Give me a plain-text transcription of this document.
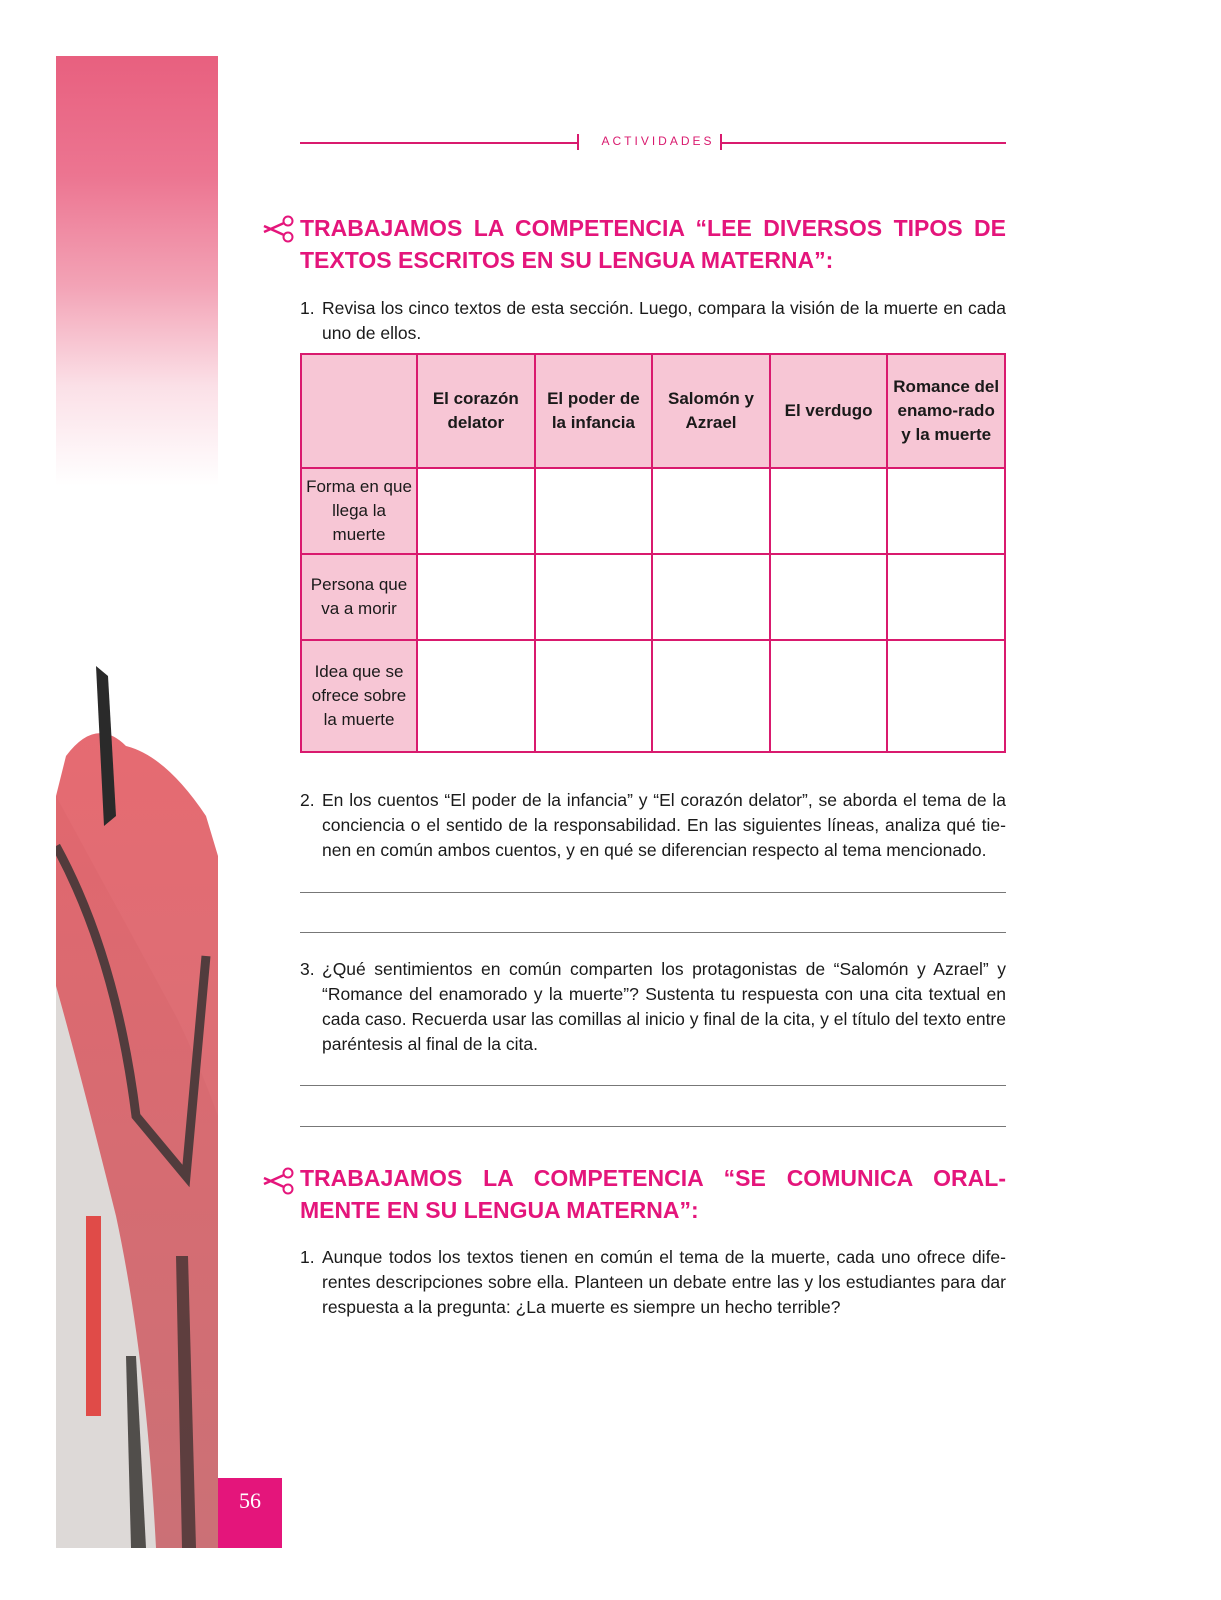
56
ACTIVIDADES
TRABAJAMOS LA COMPETENCIA “LEE DIVERSOS TIPOS DE TEXTOS ESCRITOS EN SU LENGUA MATERNA”:
1. Revisa los cinco textos de esta sección. Luego, compara la visión de la muerte en cada uno de ellos.
	El corazón delator	El poder de la infancia	Salomón y Azrael	El verdugo	Romance del enamo-rado y la muerte
Forma en que llega la muerte					
Persona que va a morir					
Idea que se ofrece sobre la muerte					
2. En los cuentos “El poder de la infancia” y “El corazón delator”, se aborda el tema de la conciencia o el sentido de la responsabilidad. En las siguientes líneas, analiza qué tie-nen en común ambos cuentos, y en qué se diferencian respecto al tema mencionado.
3. ¿Qué sentimientos en común comparten los protagonistas de “Salomón y Azrael” y “Romance del enamorado y la muerte”? Sustenta tu respuesta con una cita textual en cada caso. Recuerda usar las comillas al inicio y final de la cita, y el título del texto entre paréntesis al final de la cita.
TRABAJAMOS LA COMPETENCIA “SE COMUNICA ORAL-MENTE EN SU LENGUA MATERNA”:
1. Aunque todos los textos tienen en común el tema de la muerte, cada uno ofrece dife-rentes descripciones sobre ella. Planteen un debate entre las y los estudiantes para dar respuesta a la pregunta: ¿La muerte es siempre un hecho terrible?
